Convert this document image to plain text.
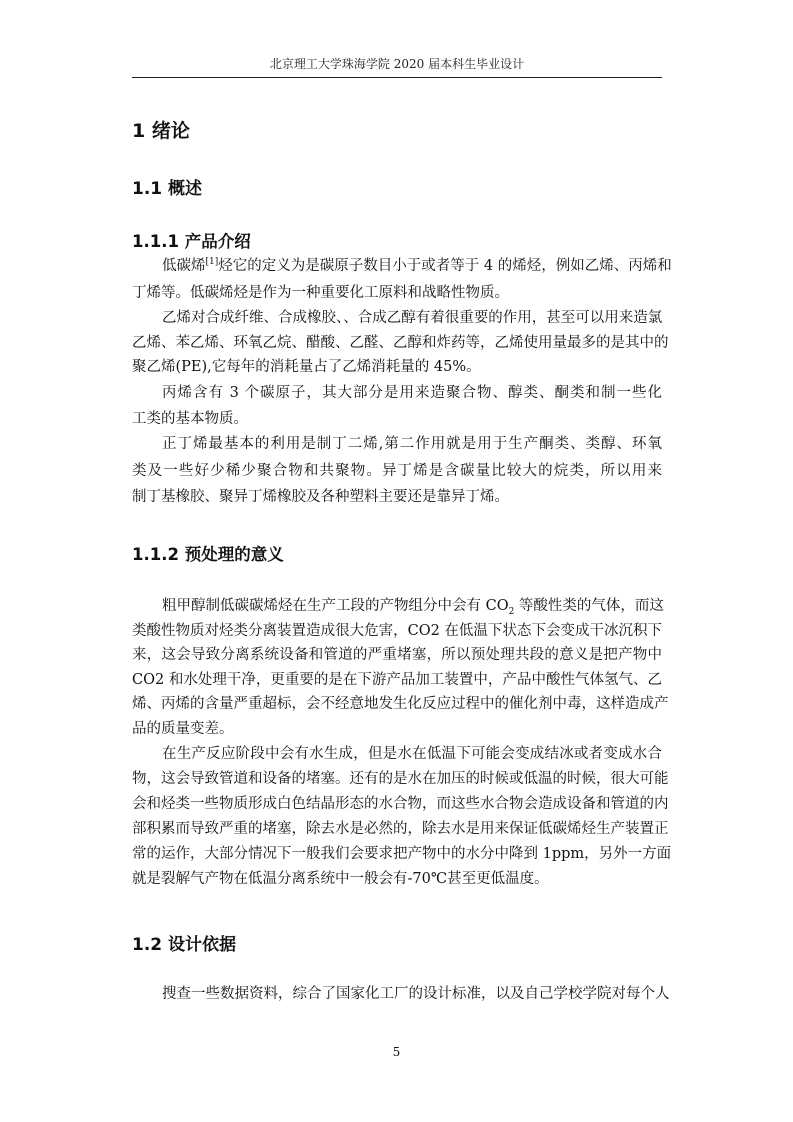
北京理工大学珠海学院 2020 届本科生毕业设计
1 绪论
1.1 概述
1.1.1 产品介绍
低碳烯[1]烃它的定义为是碳原子数目小于或者等于 4 的烯烃，例如乙烯、丙烯和
丁烯等。低碳烯烃是作为一种重要化工原料和战略性物质。
乙烯对合成纤维、合成橡胶、、合成乙醇有着很重要的作用，甚至可以用来造氯
乙烯、苯乙烯、环氧乙烷、醋酸、乙醛、乙醇和炸药等，乙烯使用量最多的是其中的
聚乙烯(PE),它每年的消耗量占了乙烯消耗量的 45%。
丙烯含有 3 个碳原子，其大部分是用来造聚合物、醇类、酮类和制一些化
工类的基本物质。
正丁烯最基本的利用是制丁二烯,第二作用就是用于生产酮类、类醇、环氧
类及一些好少稀少聚合物和共聚物。异丁烯是含碳量比较大的烷类，所以用来
制丁基橡胶、聚异丁烯橡胶及各种塑料主要还是靠异丁烯。
1.1.2 预处理的意义
粗甲醇制低碳碳烯烃在生产工段的产物组分中会有 $CO_2$ 等酸性类的气体，而这
类酸性物质对烃类分离装置造成很大危害，CO2 在低温下状态下会变成干冰沉积下
来，这会导致分离系统设备和管道的严重堵塞，所以预处理共段的意义是把产物中
CO2 和水处理干净，更重要的是在下游产品加工装置中，产品中酸性气体氢气、乙
烯、丙烯的含量严重超标，会不经意地发生化反应过程中的催化剂中毒，这样造成产
品的质量变差。
在生产反应阶段中会有水生成，但是水在低温下可能会变成结冰或者变成水合
物，这会导致管道和设备的堵塞。还有的是水在加压的时候或低温的时候，很大可能
会和烃类一些物质形成白色结晶形态的水合物，而这些水合物会造成设备和管道的内
部积累而导致严重的堵塞，除去水是必然的，除去水是用来保证低碳烯烃生产装置正
常的运作，大部分情况下一般我们会要求把产物中的水分中降到 1ppm，另外一方面
就是裂解气产物在低温分离系统中一般会有-70℃甚至更低温度。
1.2 设计依据
搜查一些数据资料，综合了国家化工厂的设计标准，以及自己学校学院对每个人
5
